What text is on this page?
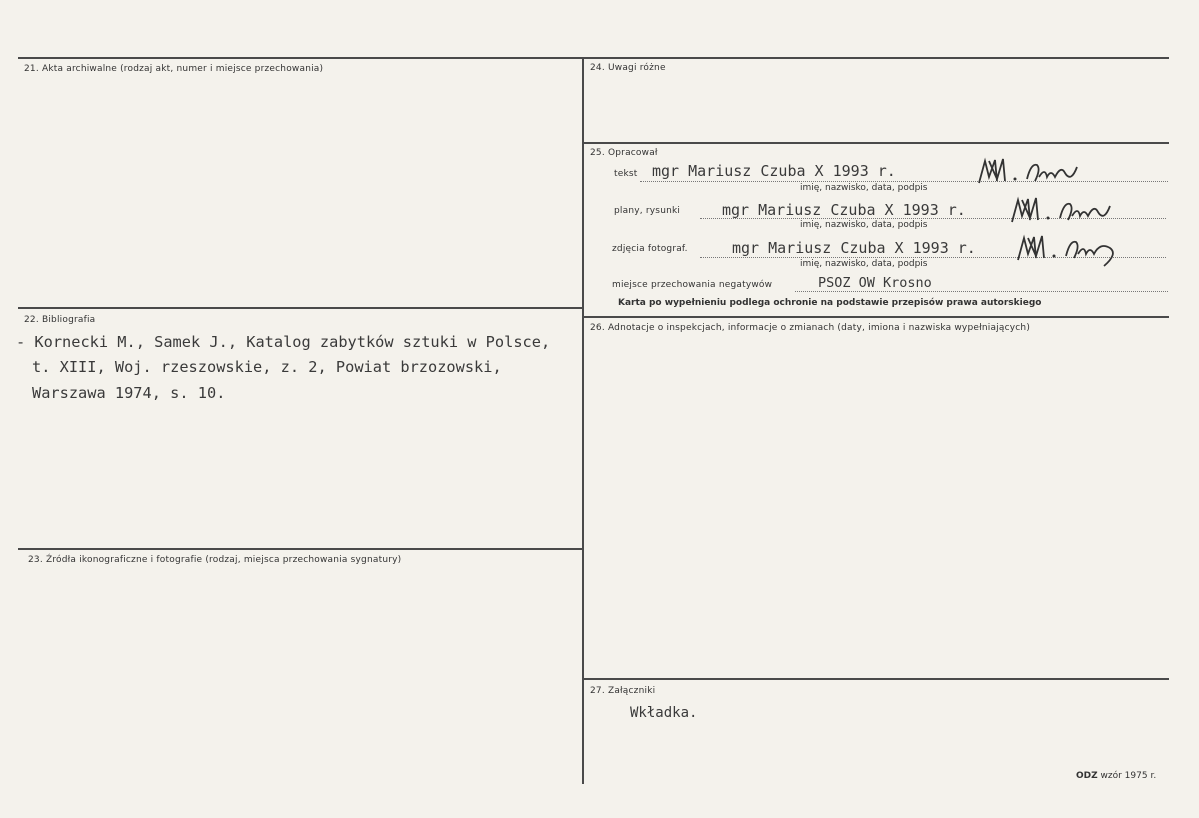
21. Akta archiwalne (rodzaj akt, numer i miejsce przechowania)
22. Bibliografia
- Kornecki M., Samek J., Katalog zabytków sztuki w Polsce,
t. XIII, Woj. rzeszowskie, z. 2, Powiat brzozowski,
Warszawa 1974, s. 10.
23. Źródła ikonograficzne i fotografie (rodzaj, miejsca przechowania sygnatury)
24. Uwagi różne
25. Opracował
tekst mgr Mariusz Czuba X 1993 r.
imię, nazwisko, data, podpis
plany, rysunki	mgr Mariusz Czuba X 1993 r.
imię, nazwisko, data, podpis
zdjęcia fotograf.	mgr Mariusz Czuba X 1993 r.
imię, nazwisko, data, podpis
miejsce przechowania negatywów	PSOZ OW Krosno
Karta po wypełnieniu podlega ochronie na podstawie przepisów prawa autorskiego
26. Adnotacje o inspekcjach, informacje o zmianach (daty, imiona i nazwiska wypełniających)
27. Załączniki
Wkładka.
ODZ wzór 1975 r.
